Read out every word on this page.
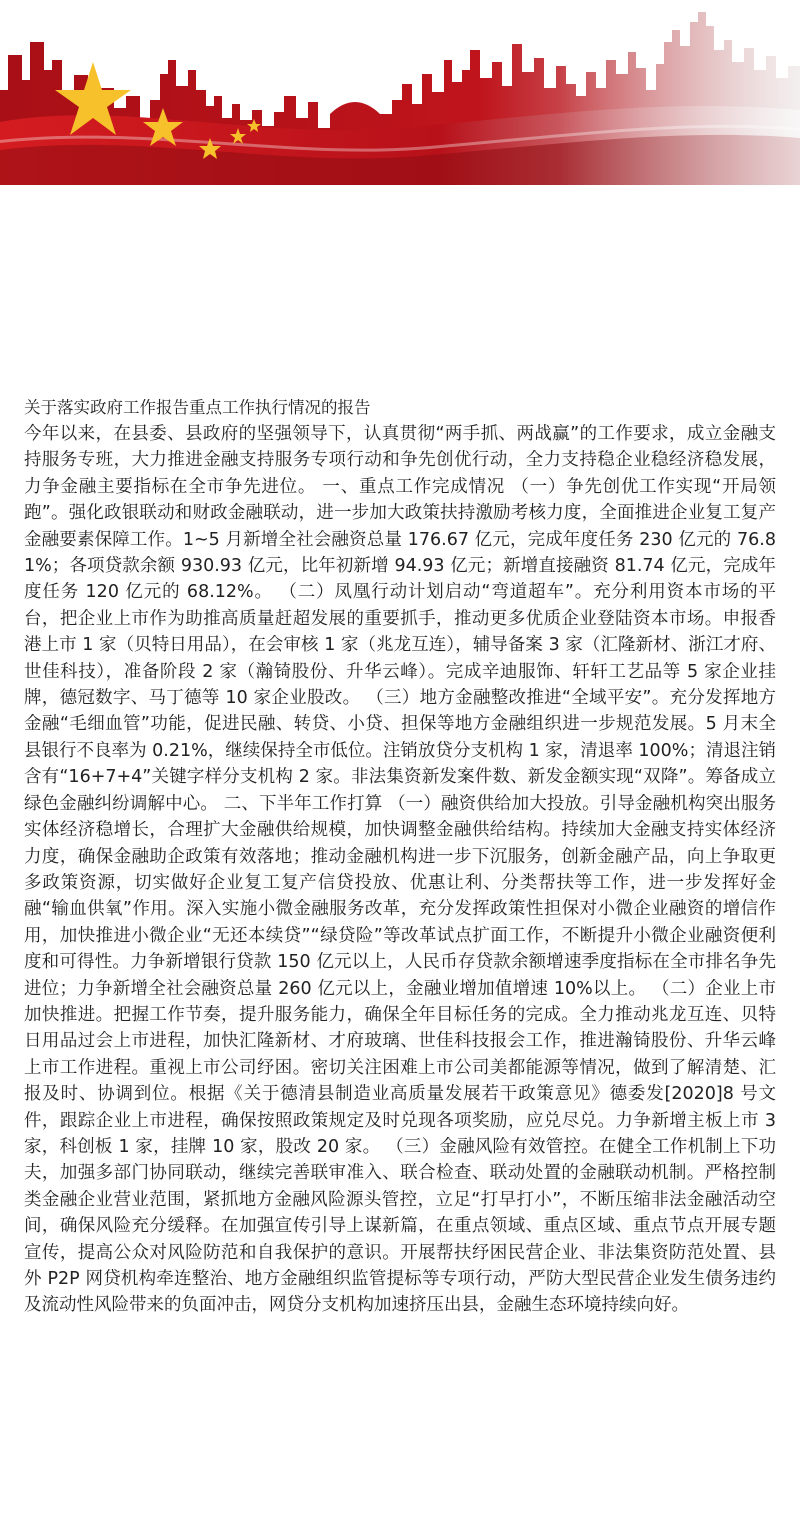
关于落实政府工作报告重点工作执行情况的报告

今年以来，在县委、县政府的坚强领导下，认真贯彻“两手抓、两战赢”的工作要求，成立金融支持服务专班，大力推进金融支持服务专项行动和争先创优行动，全力支持稳企业稳经济稳发展，力争金融主要指标在全市争先进位。 一、重点工作完成情况 （一）争先创优工作实现“开局领跑”。强化政银联动和财政金融联动，进一步加大政策扶持激励考核力度，全面推进企业复工复产金融要素保障工作。1~5 月新增全社会融资总量 176.67 亿元，完成年度任务 230 亿元的 76.81%；各项贷款余额 930.93 亿元，比年初新增 94.93 亿元；新增直接融资 81.74 亿元，完成年度任务 120 亿元的 68.12%。 （二）凤凰行动计划启动“弯道超车”。充分利用资本市场的平台，把企业上市作为助推高质量赶超发展的重要抓手，推动更多优质企业登陆资本市场。申报香港上市 1 家（贝特日用品），在会审核 1 家（兆龙互连），辅导备案 3 家（汇隆新材、浙江才府、世佳科技），准备阶段 2 家（瀚锜股份、升华云峰）。完成辛迪服饰、轩轩工艺品等 5 家企业挂牌，德冠数字、马丁德等 10 家企业股改。 （三）地方金融整改推进“全域平安”。充分发挥地方金融“毛细血管”功能，促进民融、转贷、小贷、担保等地方金融组织进一步规范发展。5 月末全县银行不良率为 0.21%，继续保持全市低位。注销放贷分支机构 1 家，清退率 100%；清退注销含有“16+7+4”关键字样分支机构 2 家。非法集资新发案件数、新发金额实现“双降”。筹备成立绿色金融纠纷调解中心。 二、下半年工作打算 （一）融资供给加大投放。引导金融机构突出服务实体经济稳增长，合理扩大金融供给规模，加快调整金融供给结构。持续加大金融支持实体经济力度，确保金融助企政策有效落地；推动金融机构进一步下沉服务，创新金融产品，向上争取更多政策资源，切实做好企业复工复产信贷投放、优惠让利、分类帮扶等工作，进一步发挥好金融“输血供氧”作用。深入实施小微金融服务改革，充分发挥政策性担保对小微企业融资的增信作用，加快推进小微企业“无还本续贷”“绿贷险”等改革试点扩面工作，不断提升小微企业融资便利度和可得性。力争新增银行贷款 150 亿元以上，人民币存贷款余额增速季度指标在全市排名争先进位；力争新增全社会融资总量 260 亿元以上，金融业增加值增速 10%以上。 （二）企业上市加快推进。把握工作节奏，提升服务能力，确保全年目标任务的完成。全力推动兆龙互连、贝特日用品过会上市进程，加快汇隆新材、才府玻璃、世佳科技报会工作，推进瀚锜股份、升华云峰上市工作进程。重视上市公司纾困。密切关注困难上市公司美都能源等情况，做到了解清楚、汇报及时、协调到位。根据《关于德清县制造业高质量发展若干政策意见》德委发[2020]8 号文件，跟踪企业上市进程，确保按照政策规定及时兑现各项奖励，应兑尽兑。力争新增主板上市 3 家，科创板 1 家，挂牌 10 家，股改 20 家。 （三）金融风险有效管控。在健全工作机制上下功夫，加强多部门协同联动，继续完善联审准入、联合检查、联动处置的金融联动机制。严格控制类金融企业营业范围，紧抓地方金融风险源头管控，立足“打早打小”，不断压缩非法金融活动空间，确保风险充分缓释。在加强宣传引导上谋新篇，在重点领域、重点区域、重点节点开展专题宣传，提高公众对风险防范和自我保护的意识。开展帮扶纾困民营企业、非法集资防范处置、县外 P2P 网贷机构牵连整治、地方金融组织监管提标等专项行动，严防大型民营企业发生债务违约及流动性风险带来的负面冲击，网贷分支机构加速挤压出县，金融生态环境持续向好。
